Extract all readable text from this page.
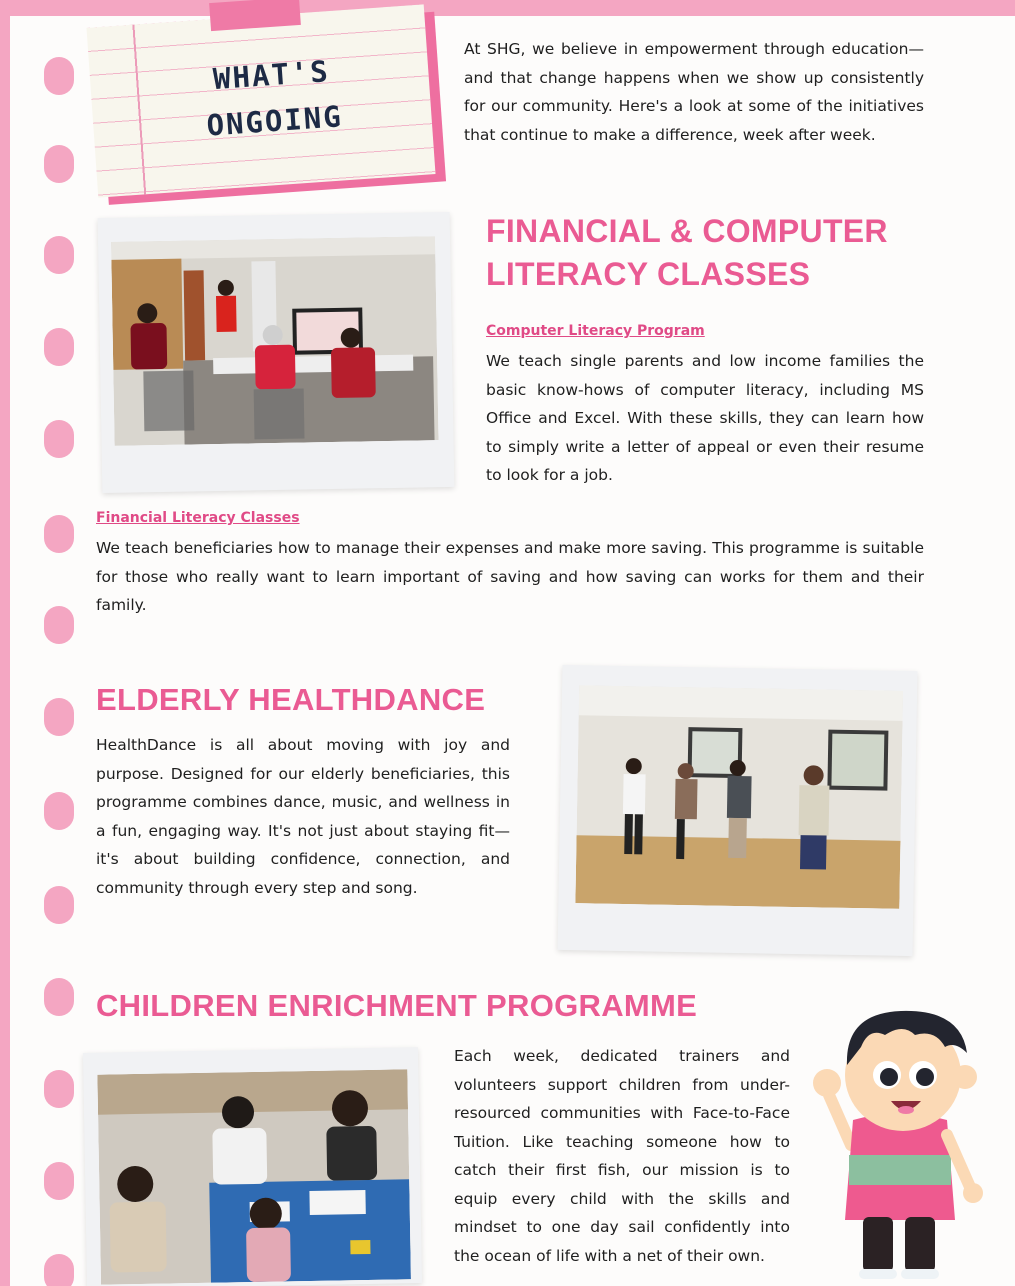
WHAT'S
ONGOING
At SHG, we believe in empowerment through education—and that change happens when we show up consistently for our community. Here's a look at some of the initiatives that continue to make a difference, week after week.
FINANCIAL & COMPUTER LITERACY CLASSES
Computer Literacy Program
We teach single parents and low income families the basic know-hows of computer literacy, including MS Office and Excel. With these skills, they can learn how to simply write a letter of appeal or even their resume to look for a job.
Financial Literacy Classes
We teach beneficiaries how to manage their expenses and make more saving. This programme is suitable for those who really want to learn important of saving and how saving can works for them and their family.
ELDERLY HEALTHDANCE
HealthDance is all about moving with joy and purpose. Designed for our elderly beneficiaries, this programme combines dance, music, and wellness in a fun, engaging way. It's not just about staying fit—it's about building confidence, connection, and community through every step and song.
CHILDREN ENRICHMENT PROGRAMME
Each week, dedicated trainers and volunteers support children from under-resourced communities with Face-to-Face Tuition. Like teaching someone how to catch their first fish, our mission is to equip every child with the skills and mindset to one day sail confidently into the ocean of life with a net of their own.
